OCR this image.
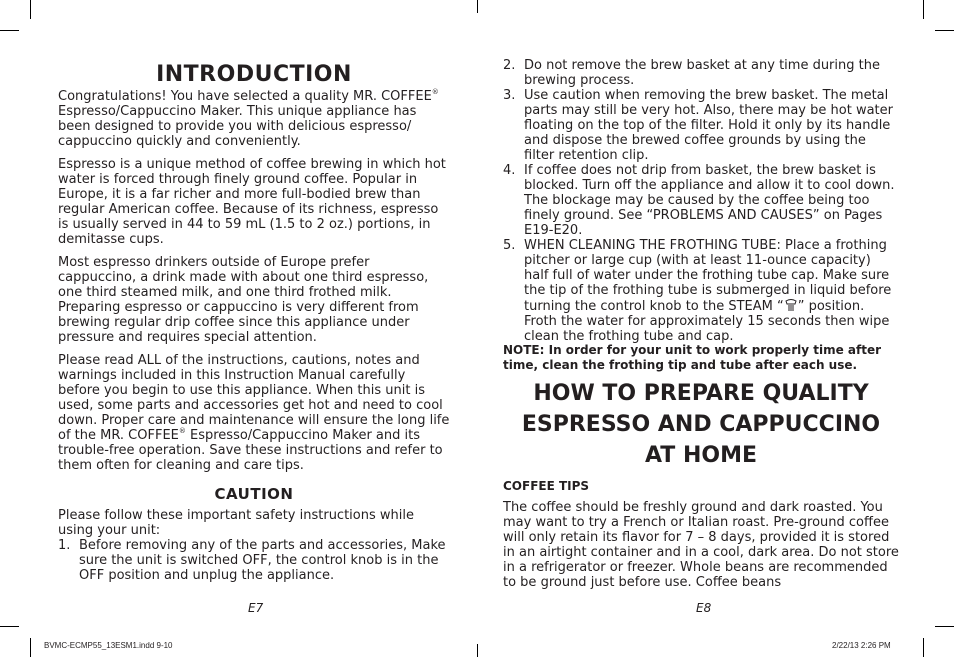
INTRODUCTION

Congratulations! You have selected a quality MR. COFFEE® Espresso/Cappuccino Maker. This unique appliance has been designed to provide you with delicious espresso/ cappuccino quickly and conveniently.

Espresso is a unique method of coffee brewing in which hot water is forced through finely ground coffee. Popular in Europe, it is a far richer and more full-bodied brew than regular American coffee. Because of its richness, espresso is usually served in 44 to 59 mL (1.5 to 2 oz.) portions, in demitasse cups.

Most espresso drinkers outside of Europe prefer cappuccino, a drink made with about one third espresso, one third steamed milk, and one third frothed milk. Preparing espresso or cappuccino is very different from brewing regular drip coffee since this appliance under pressure and requires special attention.

Please read ALL of the instructions, cautions, notes and warnings included in this Instruction Manual carefully before you begin to use this appliance. When this unit is used, some parts and accessories get hot and need to cool down. Proper care and maintenance will ensure the long life of the MR. COFFEE® Espresso/Cappuccino Maker and its trouble-free operation. Save these instructions and refer to them often for cleaning and care tips.

CAUTION

Please follow these important safety instructions while using your unit:

1. Before removing any of the parts and accessories, Make sure the unit is switched OFF, the control knob is in the OFF position and unplug the appliance.
E7
2. Do not remove the brew basket at any time during the brewing process.
3. Use caution when removing the brew basket. The metal parts may still be very hot. Also, there may be hot water floating on the top of the filter. Hold it only by its handle and dispose the brewed coffee grounds by using the filter retention clip.
4. If coffee does not drip from basket, the brew basket is blocked. Turn off the appliance and allow it to cool down. The blockage may be caused by the coffee being too finely ground. See “PROBLEMS AND CAUSES” on Pages E19-E20.
5. WHEN CLEANING THE FROTHING TUBE: Place a frothing pitcher or large cup (with at least 11-ounce capacity) half full of water under the frothing tube cap. Make sure the tip of the frothing tube is submerged in liquid before turning the control knob to the STEAM “ ” position. Froth the water for approximately 15 seconds then wipe clean the frothing tube and cap.

NOTE: In order for your unit to work properly time after time, clean the frothing tip and tube after each use.

HOW TO PREPARE QUALITY ESPRESSO AND CAPPUCCINO AT HOME
COFFEE TIPS

The coffee should be freshly ground and dark roasted. You may want to try a French or Italian roast. Pre-ground coffee will only retain its flavor for 7 – 8 days, provided it is stored in an airtight container and in a cool, dark area. Do not store in a refrigerator or freezer. Whole beans are recommended to be ground just before use. Coffee beans

E8
BVMC-ECMP55_13ESM1.indd 9-10	2/22/13 2:26 PM
